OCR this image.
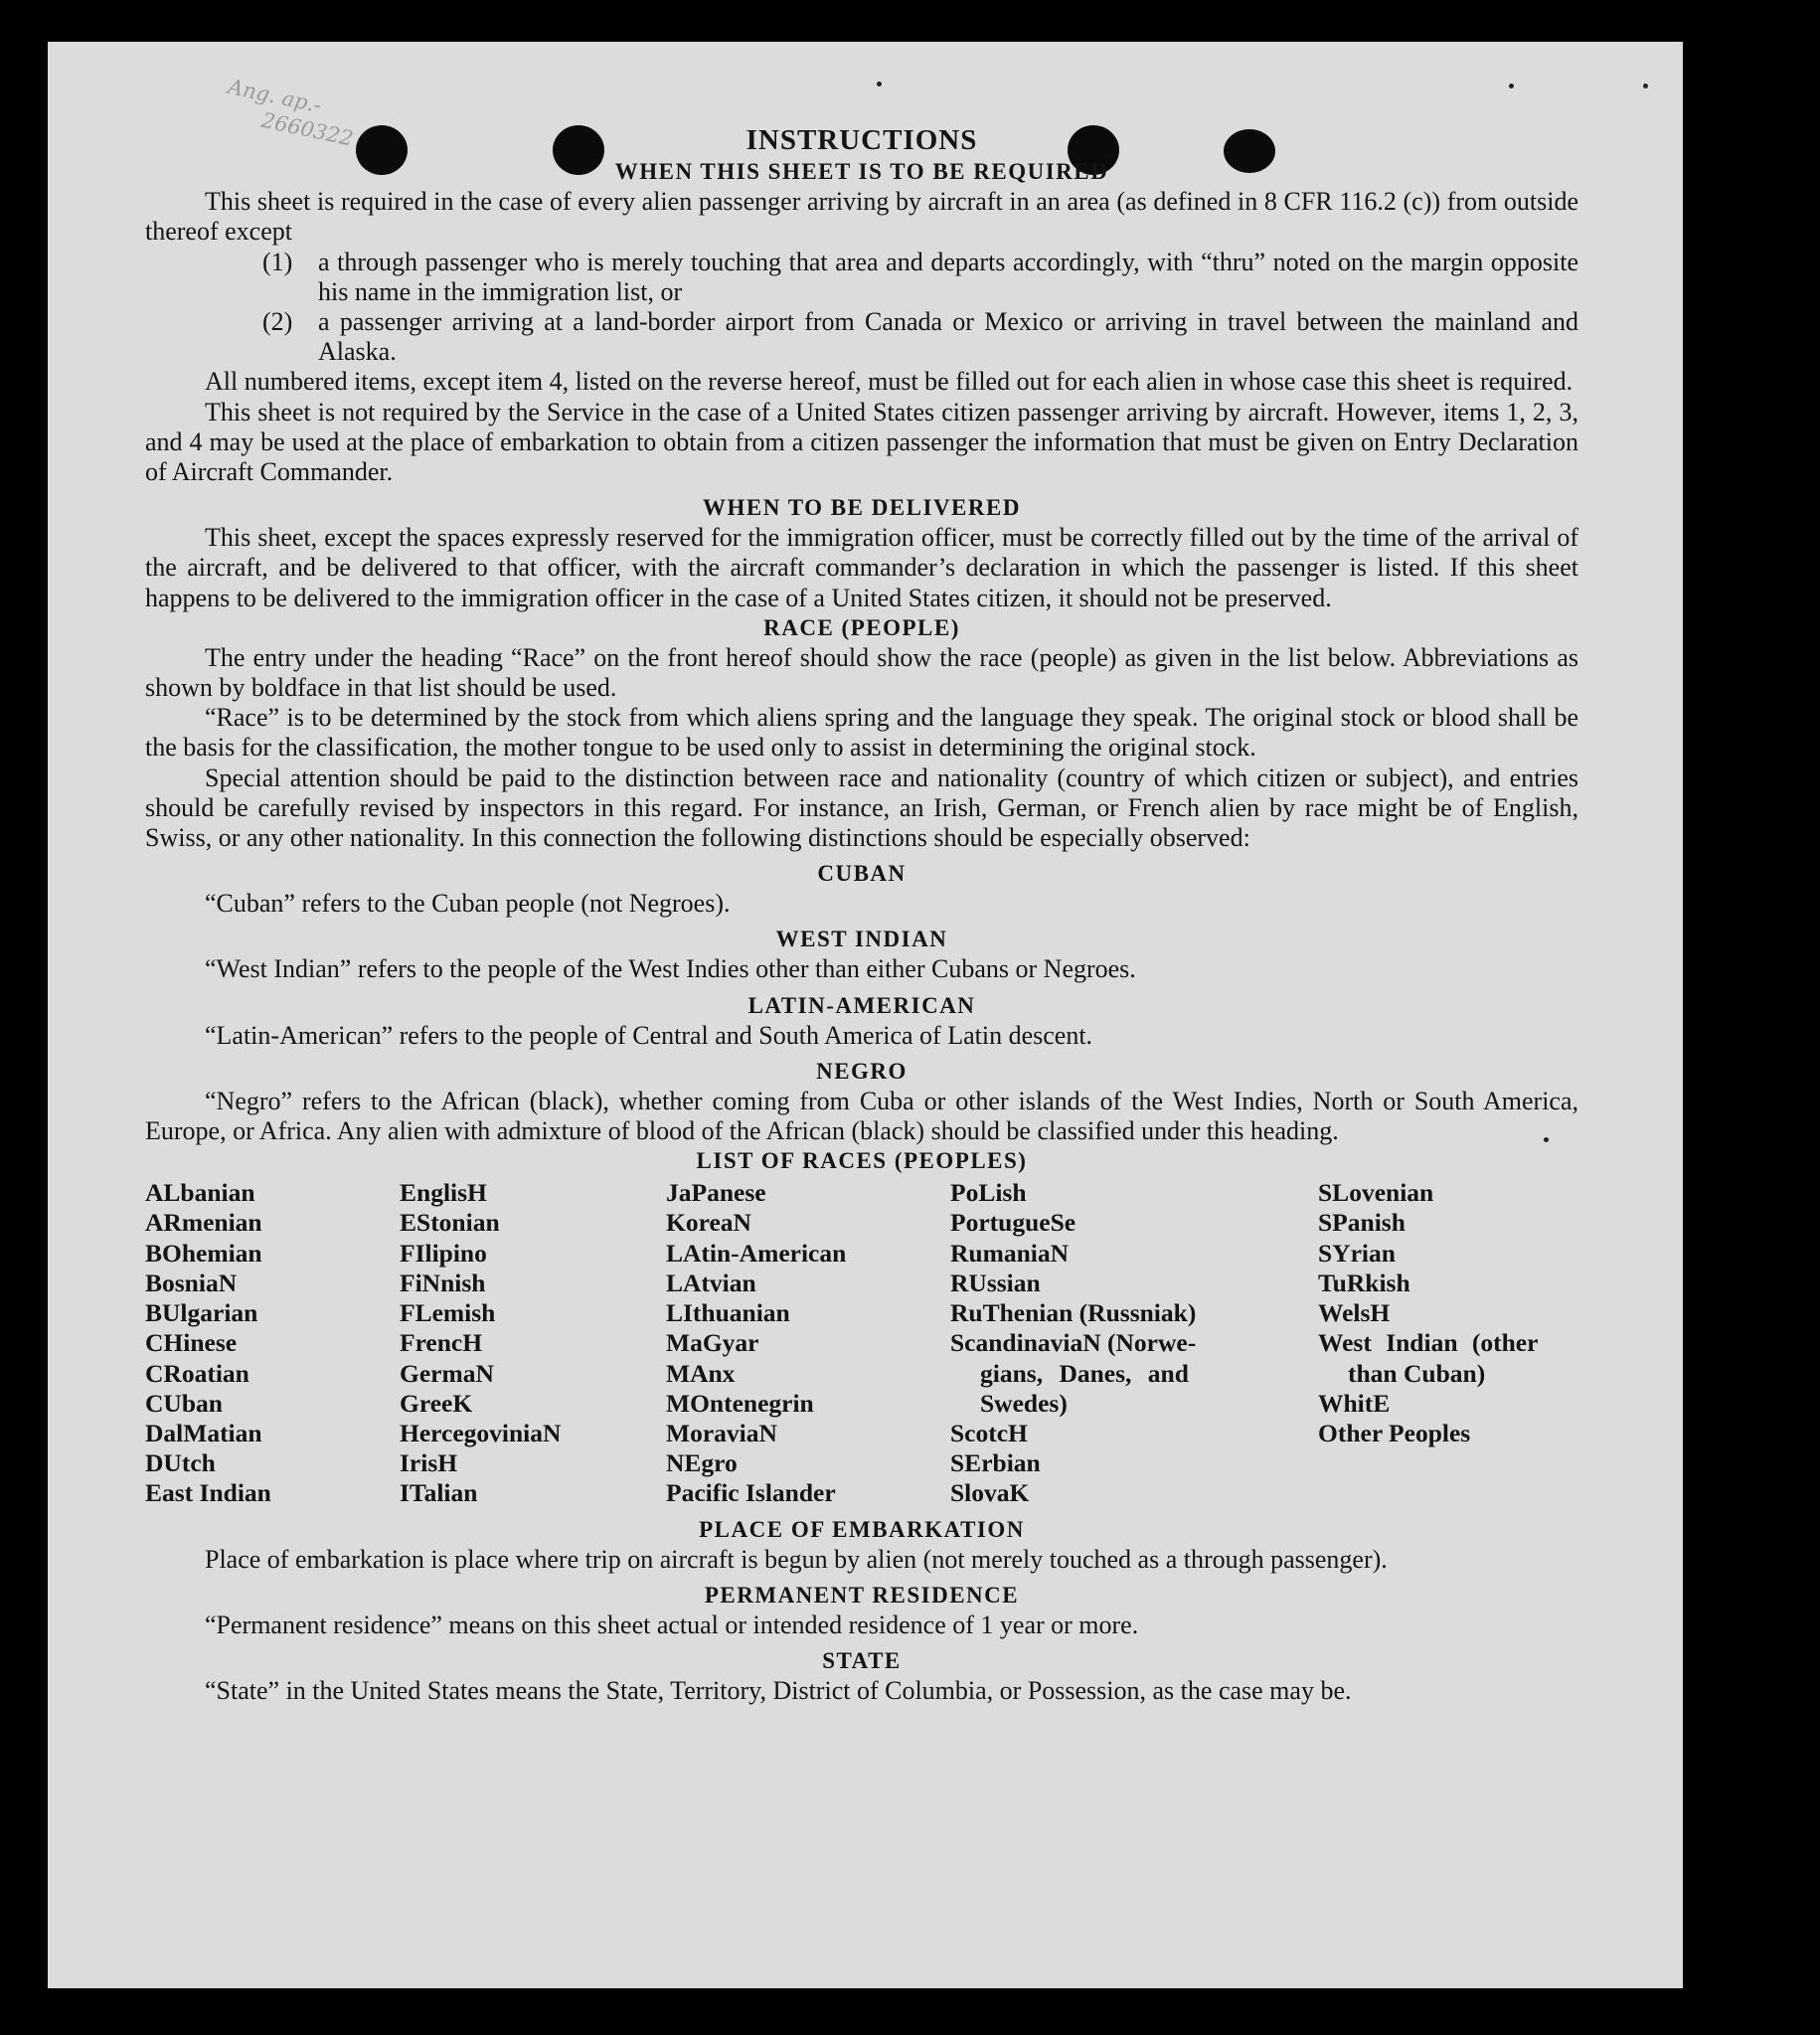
Ang. ap.-
2660322	INSTRUCTIONS
WHEN THIS SHEET IS TO BE REQUIRED

This sheet is required in the case of every alien passenger arriving by aircraft in an area (as defined in 8 CFR 116.2 (c)) from outside thereof except

(1) a through passenger who is merely touching that area and departs accordingly, with “thru” noted on the margin opposite his name in the immigration list, or
(2) a passenger arriving at a land-border airport from Canada or Mexico or arriving in travel between the mainland and Alaska.

All numbered items, except item 4, listed on the reverse hereof, must be filled out for each alien in whose case this sheet is required.

This sheet is not required by the Service in the case of a United States citizen passenger arriving by aircraft. However, items 1, 2, 3, and 4 may be used at the place of embarkation to obtain from a citizen passenger the information that must be given on Entry Declaration of Aircraft Commander.

WHEN TO BE DELIVERED

This sheet, except the spaces expressly reserved for the immigration officer, must be correctly filled out by the time of the arrival of the aircraft, and be delivered to that officer, with the aircraft commander’s declaration in which the passenger is listed. If this sheet happens to be delivered to the immigration officer in the case of a United States citizen, it should not be preserved.

RACE (PEOPLE)

The entry under the heading “Race” on the front hereof should show the race (people) as given in the list below. Abbreviations as shown by boldface in that list should be used.

“Race” is to be determined by the stock from which aliens spring and the language they speak. The original stock or blood shall be the basis for the classification, the mother tongue to be used only to assist in determining the original stock.

Special attention should be paid to the distinction between race and nationality (country of which citizen or subject), and entries should be carefully revised by inspectors in this regard. For instance, an Irish, German, or French alien by race might be of English, Swiss, or any other nationality. In this connection the following distinctions should be especially observed:

CUBAN

“Cuban” refers to the Cuban people (not Negroes).

WEST INDIAN

“West Indian” refers to the people of the West Indies other than either Cubans or Negroes.

LATIN-AMERICAN

“Latin-American” refers to the people of Central and South America of Latin descent.

NEGRO

“Negro” refers to the African (black), whether coming from Cuba or other islands of the West Indies, North or South America, Europe, or Africa. Any alien with admixture of blood of the African (black) should be classified under this heading.

LIST OF RACES (PEOPLES)
ALbanian
ARmenian
BOhemian
BosniaN
BUlgarian
CHinese
CRoatian
CUban
DalMatian
DUtch
East Indian
EnglisH
EStonian
FIlipino
FiNnish
FLemish
FrencH
GermaN
GreeK
HercegoviniaN
IrisH
ITalian
JaPanese
KoreaN
LAtin-American
LAtvian
LIthuanian
MaGyar
MAnx
MOntenegrin
MoraviaN
NEgro
Pacific Islander
PoLish
PortugueSe
RumaniaN
RUssian
RuThenian (Russniak)
ScandinaviaN (Norwe-
gians, Danes, and
Swedes)
ScotcH
SErbian
SlovaK
SLovenian
SPanish
SYrian
TuRkish
WelsH
West Indian (other
than Cuban)
WhitE
Other Peoples
PLACE OF EMBARKATION

Place of embarkation is place where trip on aircraft is begun by alien (not merely touched as a through passenger).

PERMANENT RESIDENCE

“Permanent residence” means on this sheet actual or intended residence of 1 year or more.

STATE

“State” in the United States means the State, Territory, District of Columbia, or Possession, as the case may be.
